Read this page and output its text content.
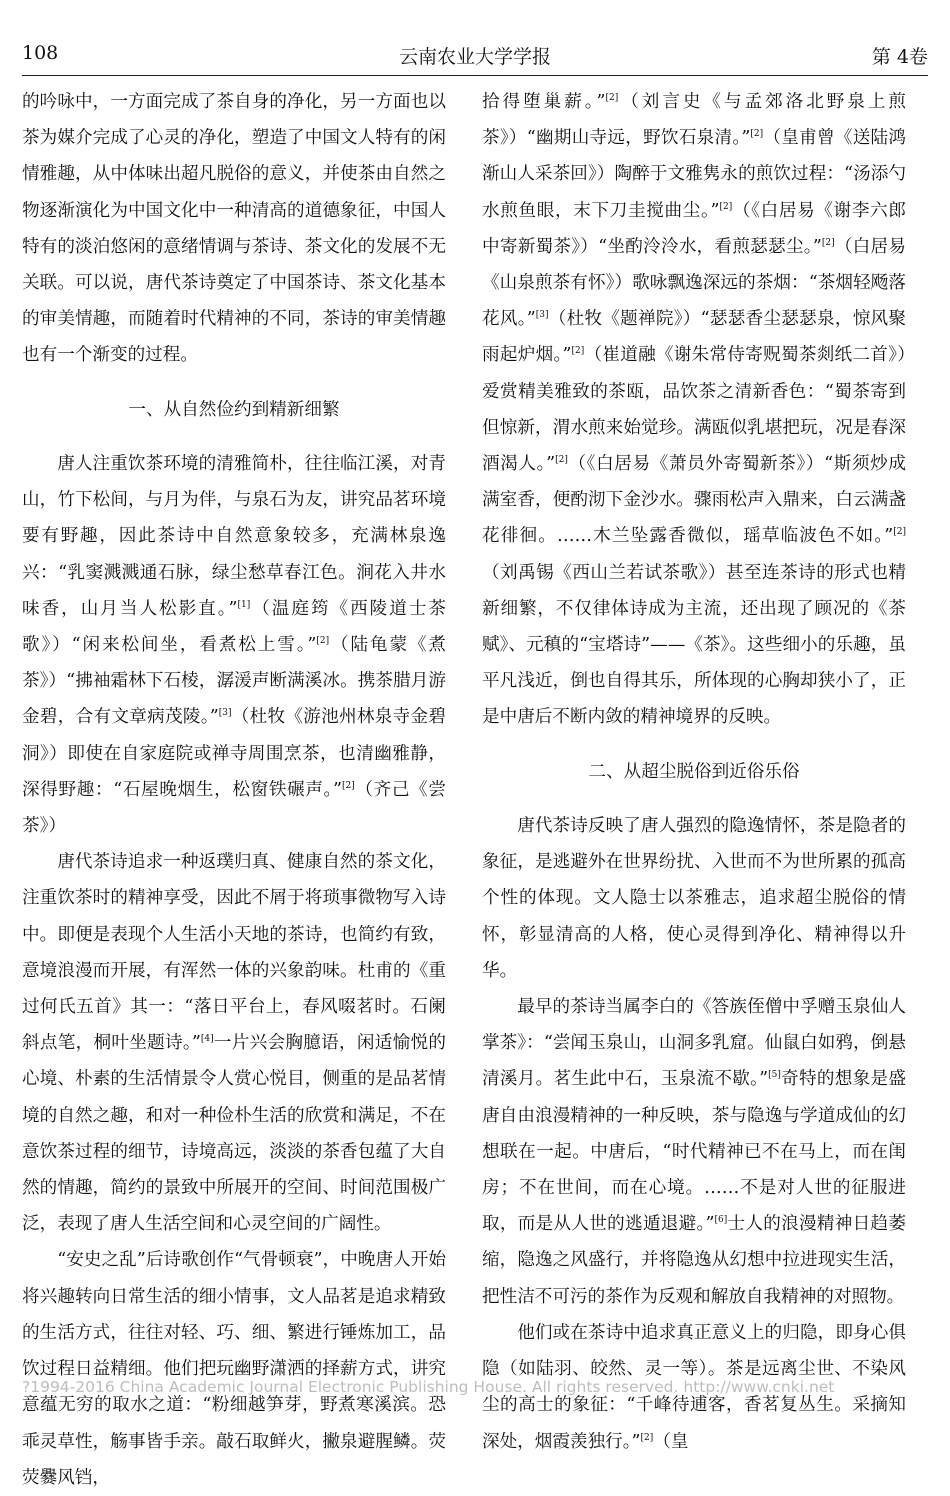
108	云南农业大学学报	第 4卷

的吟咏中，一方面完成了茶自身的净化，另一方面也以茶为媒介完成了心灵的净化，塑造了中国文人特有的闲情雅趣，从中体味出超凡脱俗的意义，并使茶由自然之物逐渐演化为中国文化中一种清高的道德象征，中国人特有的淡泊悠闲的意绪情调与茶诗、茶文化的发展不无关联。可以说，唐代茶诗奠定了中国茶诗、茶文化基本的审美情趣，而随着时代精神的不同，茶诗的审美情趣也有一个渐变的过程。

一、从自然俭约到精新细繁

唐人注重饮茶环境的清雅简朴，往往临江溪，对青山，竹下松间，与月为伴，与泉石为友，讲究品茗环境要有野趣，因此茶诗中自然意象较多，充满林泉逸兴：“乳窦溅溅通石脉，绿尘愁草春江色。涧花入井水味香，山月当人松影直。”[1]（温庭筠《西陵道士茶歌》）“闲来松间坐，看煮松上雪。”[2]（陆龟蒙《煮茶》）“拂袖霜林下石棱，潺湲声断满溪冰。携茶腊月游金碧，合有文章病茂陵。”[3]（杜牧《游池州林泉寺金碧洞》）即使在自家庭院或禅寺周围烹茶，也清幽雅静，深得野趣：“石屋晚烟生，松窗铁碾声。”[2]（齐己《尝茶》）

唐代茶诗追求一种返璞归真、健康自然的茶文化，注重饮茶时的精神享受，因此不屑于将琐事微物写入诗中。即便是表现个人生活小天地的茶诗，也简约有致，意境浪漫而开展，有浑然一体的兴象韵味。杜甫的《重过何氏五首》其一：“落日平台上，春风啜茗时。石阑斜点笔，桐叶坐题诗。”[4]一片兴会胸臆语，闲适愉悦的心境、朴素的生活情景令人赏心悦目，侧重的是品茗情境的自然之趣，和对一种俭朴生活的欣赏和满足，不在意饮茶过程的细节，诗境高远，淡淡的茶香包蕴了大自然的情趣，简约的景致中所展开的空间、时间范围极广泛，表现了唐人生活空间和心灵空间的广阔性。

“安史之乱”后诗歌创作“气骨顿衰”，中晚唐人开始将兴趣转向日常生活的细小情事，文人品茗是追求精致的生活方式，往往对轻、巧、细、繁进行锤炼加工，品饮过程日益精细。他们把玩幽野潇洒的择薪方式，讲究意蕴无穷的取水之道：“粉细越笋芽，野煮寒溪滨。恐乖灵草性，觞事皆手亲。敲石取鲜火，撇泉避腥鳞。荧荧爨风铛，

拾得堕巢薪。”[2]（刘言史《与孟郊洛北野泉上煎茶》）“幽期山寺远，野饮石泉清。”[2]（皇甫曾《送陆鸿渐山人采茶回》）陶醉于文雅隽永的煎饮过程：“汤添勺水煎鱼眼，末下刀圭搅曲尘。”[2]（《白居易《谢李六郎中寄新蜀茶》）“坐酌泠泠水，看煎瑟瑟尘。”[2]（白居易《山泉煎茶有怀》）歌咏飘逸深远的茶烟：“茶烟轻飏落花风。”[3]（杜牧《题禅院》）“瑟瑟香尘瑟瑟泉，惊风聚雨起炉烟。”[2]（崔道融《谢朱常侍寄贶蜀茶剡纸二首》）爱赏精美雅致的茶瓯，品饮茶之清新香色：“蜀茶寄到但惊新，渭水煎来始觉珍。满瓯似乳堪把玩，况是春深酒渴人。”[2]（《白居易《萧员外寄蜀新茶》）“斯须炒成满室香，便酌沏下金沙水。骤雨松声入鼎来，白云满盏花徘徊。……木兰坠露香微似，瑶草临波色不如。”[2]（刘禹锡《西山兰若试茶歌》）甚至连茶诗的形式也精新细繁，不仅律体诗成为主流，还出现了顾况的《茶赋》、元稹的“宝塔诗”——《茶》。这些细小的乐趣，虽平凡浅近，倒也自得其乐，所体现的心胸却狭小了，正是中唐后不断内敛的精神境界的反映。

二、从超尘脱俗到近俗乐俗

唐代茶诗反映了唐人强烈的隐逸情怀，茶是隐者的象征，是逃避外在世界纷扰、入世而不为世所累的孤高个性的体现。文人隐士以茶雅志，追求超尘脱俗的情怀，彰显清高的人格，使心灵得到净化、精神得以升华。

最早的茶诗当属李白的《答族侄僧中孚赠玉泉仙人掌茶》：“尝闻玉泉山，山洞多乳窟。仙鼠白如鸦，倒悬清溪月。茗生此中石，玉泉流不歇。”[5]奇特的想象是盛唐自由浪漫精神的一种反映，茶与隐逸与学道成仙的幻想联在一起。中唐后，“时代精神已不在马上，而在闺房；不在世间，而在心境。……不是对人世的征服进取，而是从人世的逃遁退避。”[6]士人的浪漫精神日趋萎缩，隐逸之风盛行，并将隐逸从幻想中拉进现实生活，把性洁不可污的茶作为反观和解放自我精神的对照物。

他们或在茶诗中追求真正意义上的归隐，即身心俱隐（如陆羽、皎然、灵一等）。茶是远离尘世、不染风尘的高士的象征：“千峰待逋客，香茗复丛生。采摘知深处，烟霞羡独行。”[2]（皇

?1994-2016 China Academic Journal Electronic Publishing House. All rights reserved. http://www.cnki.net
